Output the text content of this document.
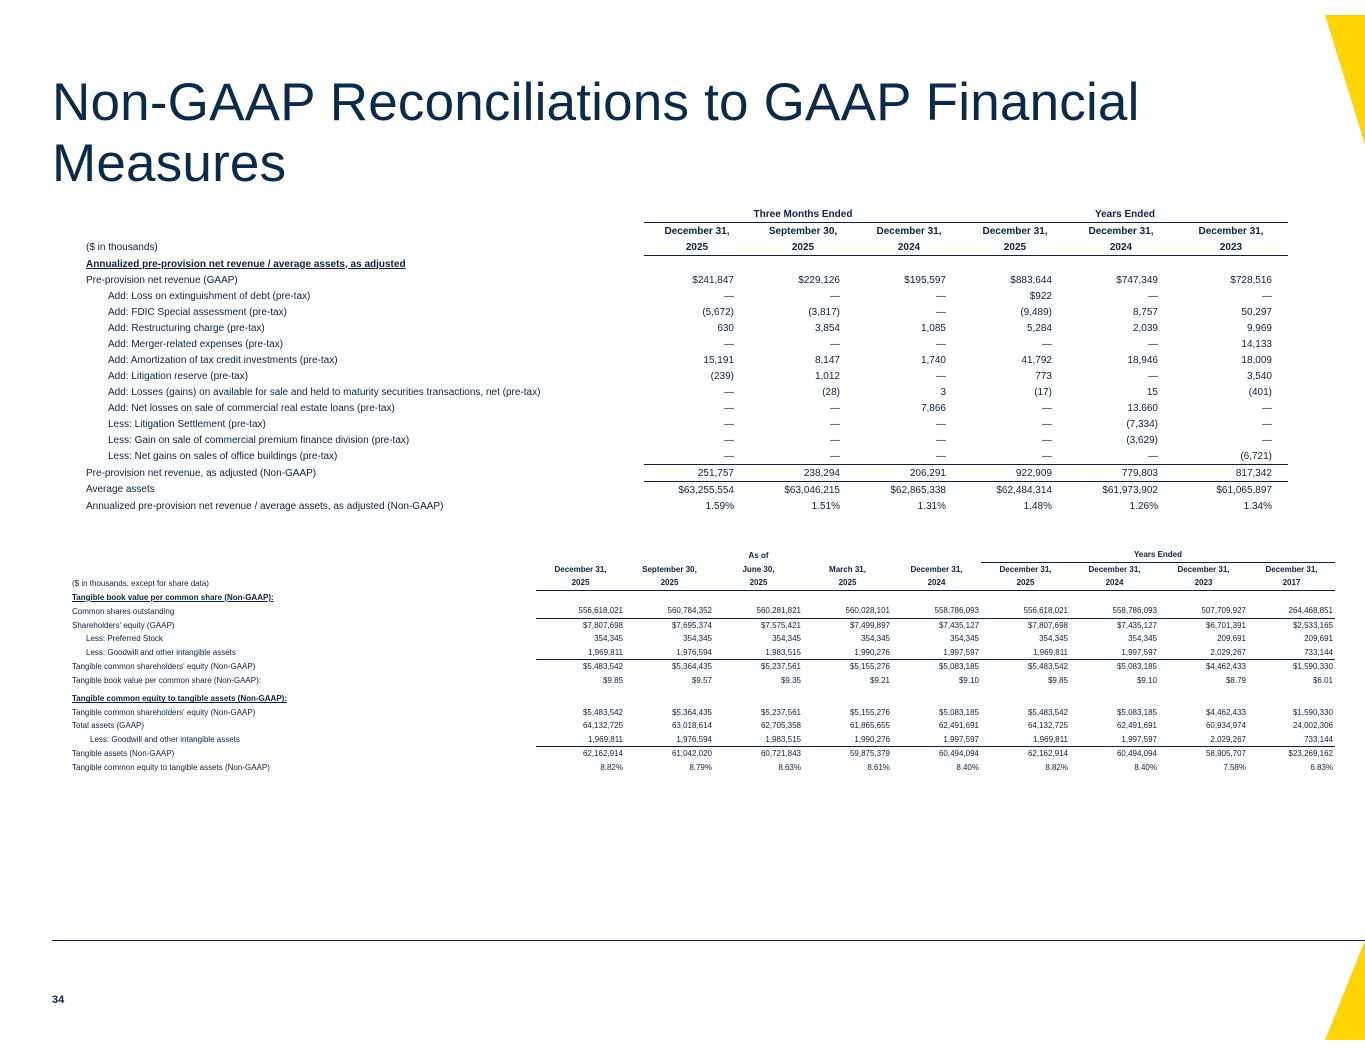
Non-GAAP Reconciliations to GAAP Financial Measures
	Three Months Ended			Years Ended		
	December 31,	September 30,	December 31,	December 31,	December 31,	December 31,
($ in thousands)	2025	2025	2024	2025	2024	2023
Annualized pre-provision net revenue / average assets, as adjusted						
Pre-provision net revenue (GAAP)	$241,847	$229,126	$195,597	$883,644	$747,349	$728,516
Add: Loss on extinguishment of debt (pre-tax)	—	—	—	$922	—	—
Add: FDIC Special assessment (pre-tax)	(5,672)	(3,817)	—	(9,489)	8,757	50,297
Add: Restructuring charge (pre-tax)	630	3,854	1,085	5,284	2,039	9,969
Add: Merger-related expenses (pre-tax)	—	—	—	—	—	14,133
Add: Amortization of tax credit investments (pre-tax)	15,191	8,147	1,740	41,792	18,946	18,009
Add: Litigation reserve (pre-tax)	(239)	1,012	—	773	—	3,540
Add: Losses (gains) on available for sale and held to maturity securities transactions, net (pre-tax)	—	(28)	3	(17)	15	(401)
Add: Net losses on sale of commercial real estate loans (pre-tax)	—	—	7,866	—	13,660	—
Less: Litigation Settlement (pre-tax)	—	—	—	—	(7,334)	—
Less: Gain on sale of commercial premium finance division (pre-tax)	—	—	—	—	(3,629)	—
Less: Net gains on sales of office buildings (pre-tax)	—	—	—	—	—	(6,721)
Pre-provision net revenue, as adjusted (Non-GAAP)	251,757	238,294	206,291	922,909	779,803	817,342
Average assets	$63,255,554	$63,046,215	$62,865,338	$62,484,314	$61,973,902	$61,065,897
Annualized pre-provision net revenue / average assets, as adjusted (Non-GAAP)	1.59%	1.51%	1.31%	1.48%	1.26%	1.34%
	As of					Years Ended			
	December 31,	September 30,	June 30,	March 31,	December 31,	December 31,	December 31,	December 31,	December 31,
($ in thousands, except for share data)	2025	2025	2025	2025	2024	2025	2024	2023	2017
Tangible book value per common share (Non-GAAP):									
Common shares outstanding	556,618,021	560,784,352	560,281,821	560,028,101	558,786,093	556,618,021	558,786,093	507,709,927	264,468,851
Shareholders' equity (GAAP)	$7,807,698	$7,695,374	$7,575,421	$7,499,897	$7,435,127	$7,807,698	$7,435,127	$6,701,391	$2,533,165
Less: Preferred Stock	354,345	354,345	354,345	354,345	354,345	354,345	354,345	209,691	209,691
Less: Goodwill and other intangible assets	1,969,811	1,976,594	1,983,515	1,990,276	1,997,597	1,969,811	1,997,597	2,029,267	733,144
Tangible common shareholders' equity (Non-GAAP)	$5,483,542	$5,364,435	$5,237,561	$5,155,276	$5,083,185	$5,483,542	$5,083,185	$4,462,433	$1,590,330
Tangible book value per common share (Non-GAAP):	$9.85	$9.57	$9.35	$9.21	$9.10	$9.85	$9.10	$8.79	$6.01

Tangible common equity to tangible assets (Non-GAAP):									
Tangible common shareholders' equity (Non-GAAP)	$5,483,542	$5,364,435	$5,237,561	$5,155,276	$5,083,185	$5,483,542	$5,083,185	$4,462,433	$1,590,330
Total assets (GAAP)	64,132,725	63,018,614	62,705,358	61,865,655	62,491,691	64,132,725	62,491,691	60,934,974	24,002,306
Less: Goodwill and other intangible assets	1,969,811	1,976,594	1,983,515	1,990,276	1,997,597	1,969,811	1,997,597	2,029,267	733,144
Tangible assets (Non-GAAP)	62,162,914	61,042,020	60,721,843	59,875,379	60,494,094	62,162,914	60,494,094	58,905,707	$23,269,162
Tangible common equity to tangible assets (Non-GAAP)	8.82%	8.79%	8.63%	8.61%	8.40%	8.82%	8.40%	7.58%	6.83%
34
